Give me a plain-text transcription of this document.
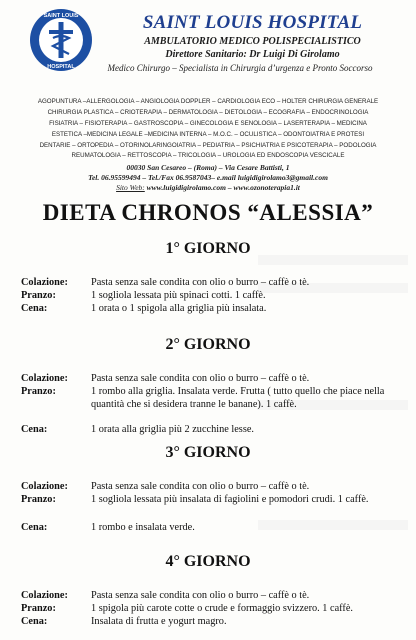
SAINT LOUIS
HOSPITAL
SAINT LOUIS HOSPITAL
AMBULATORIO MEDICO POLISPECIALISTICO
Direttore Sanitario: Dr Luigi Di Girolamo
Medico Chirurgo – Specialista in Chirurgia d’urgenza e Pronto Soccorso
AGOPUNTURA –ALLERGOLOGIA – ANGIOLOGIA DOPPLER – CARDIOLOGIA ECO – HOLTER CHIRURGIA GENERALE
CHIRURGIA PLASTICA – CRIOTERAPIA – DERMATOLOGIA – DIETOLOGIA – ECOGRAFIA – ENDOCRINOLOGIA
FISIATRIA – FISIOTERAPIA – GASTROSCOPIA – GINECOLOGIA E SENOLOGIA – LASERTERAPIA – MEDICINA
ESTETICA –MEDICINA LEGALE –MEDICINA INTERNA – M.O.C. – OCULISTICA – ODONTOIATRIA E PROTESI
DENTARIE – ORTOPEDIA – OTORINOLARINGOIATRIA – PEDIATRIA – PSICHIATRIA E PSICOTERAPIA – PODOLOGIA
REUMATOLOGIA – RETTOSCOPIA – TRICOLOGIA – UROLOGIA ED ENDOSCOPIA VESCICALE
00030 San Cesareo – (Roma) – Via Cesare Battisti, 1
Tel. 06.95599494 – Tel./Fax 06.9587043– e.mail luigidigirolamo3@gmail.com
Sito Web: www.luigidigirolamo.com – www.ozonoterapia1.it
DIETA CHRONOS “ALESSIA”
1° GIORNO
Colazione:	Pasta senza sale condita con olio o burro – caffè o tè.
Pranzo:	1 sogliola lessata più spinaci cotti. 1 caffè.
Cena:	1 orata o 1 spigola alla griglia più insalata.
2° GIORNO
Colazione:	Pasta senza sale condita con olio o burro – caffè o tè.
Pranzo:	1 rombo alla griglia. Insalata verde. Frutta ( tutto quello che piace nella quantità che si desidera tranne le banane). 1 caffè.
Cena:	1 orata alla griglia più 2 zucchine lesse.
3° GIORNO
Colazione:	Pasta senza sale condita con olio o burro – caffè o tè.
Pranzo:	1 sogliola lessata più insalata di fagiolini e pomodori crudi. 1 caffè.
Cena:	1 rombo e insalata verde.
4° GIORNO
Colazione:	Pasta senza sale condita con olio o burro – caffè o tè.
Pranzo:	1 spigola più carote cotte o crude e formaggio svizzero. 1 caffè.
Cena:	Insalata di frutta e yogurt magro.
